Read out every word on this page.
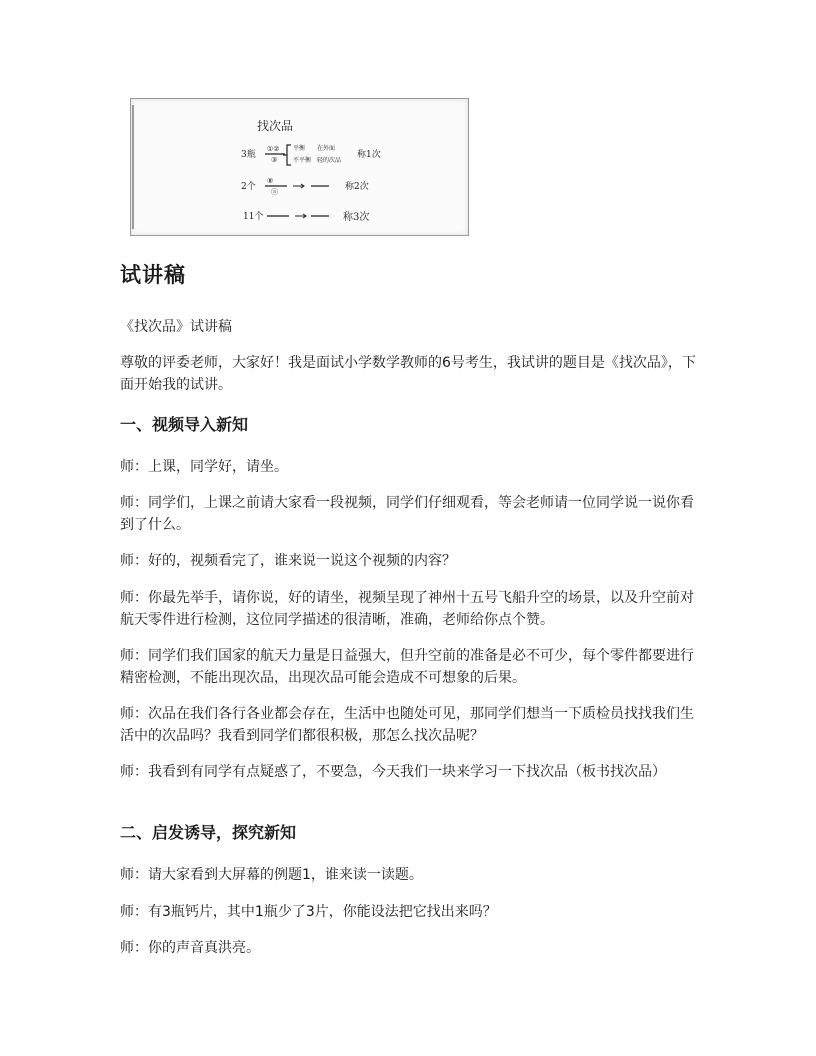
找次品
3瓶
①②
③
平衡
不平衡
在外面
轻的次品
称1次
2个
⑧
ⓐ	称2次
11个	称3次
试讲稿

《找次品》试讲稿

尊敬的评委老师，大家好！我是面试小学数学教师的6号考生，我试讲的题目是《找次品》，下面开始我的试讲。

一、视频导入新知

师：上课，同学好，请坐。

师：同学们，上课之前请大家看一段视频，同学们仔细观看，等会老师请一位同学说一说你看到了什么。

师：好的，视频看完了，谁来说一说这个视频的内容？

师：你最先举手，请你说，好的请坐，视频呈现了神州十五号飞船升空的场景，以及升空前对航天零件进行检测，这位同学描述的很清晰，准确，老师给你点个赞。

师：同学们我们国家的航天力量是日益强大，但升空前的准备是必不可少，每个零件都要进行精密检测，不能出现次品，出现次品可能会造成不可想象的后果。

师：次品在我们各行各业都会存在，生活中也随处可见，那同学们想当一下质检员找找我们生活中的次品吗？我看到同学们都很积极，那怎么找次品呢？

师：我看到有同学有点疑惑了，不要急，今天我们一块来学习一下找次品（板书找次品）

二、启发诱导，探究新知

师：请大家看到大屏幕的例题1，谁来读一读题。

师：有3瓶钙片，其中1瓶少了3片，你能设法把它找出来吗？

师：你的声音真洪亮。
